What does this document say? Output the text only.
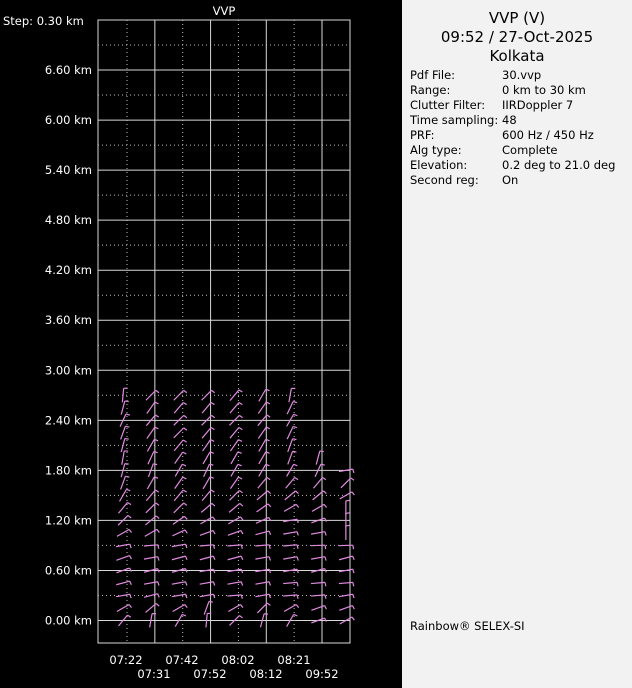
VVP
Step: 0.30 km
6.60 km
6.00 km
5.40 km
4.80 km
4.20 km
3.60 km
3.00 km
2.40 km
1.80 km
1.20 km
0.60 km
0.00 km
07:22 07:42 08:02 08:21
07:31 07:52 08:12 09:52
VVP (V)
09:52 / 27-Oct-2025
Kolkata
Pdf File:	30.vvp
Range:	0 km to 30 km
Clutter Filter: IIRDoppler 7
Time sampling: 48
PRF:	600 Hz / 450 Hz
Alg type:	Complete
Elevation:	0.2 deg to 21.0 deg
Second reg: On
Rainbow® SELEX-SI
